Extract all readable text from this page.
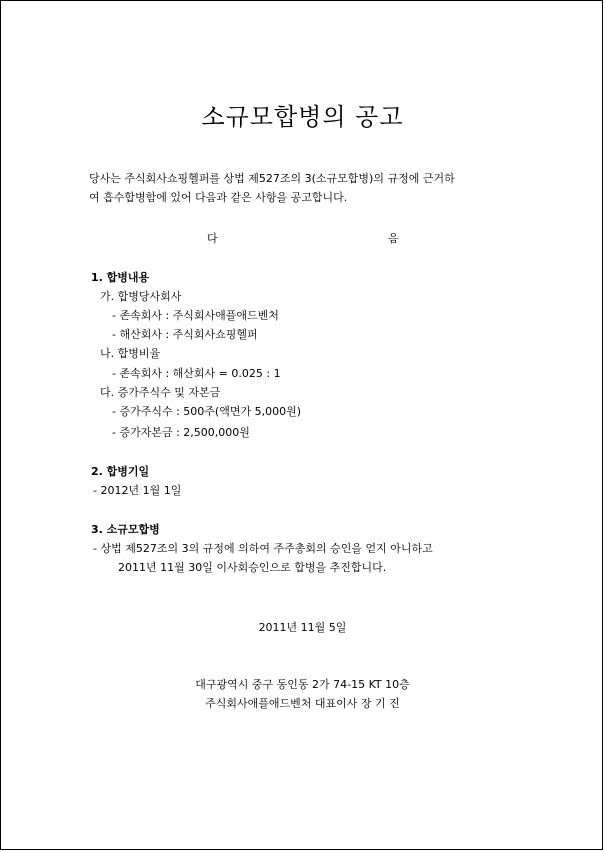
소규모합병의 공고
당사는 주식회사쇼핑헬퍼를 상법 제527조의 3(소규모합병)의 규정에 근거하
여 흡수합병함에 있어 다음과 같은 사항을 공고합니다.
다	음
1. 합병내용
가. 합병당사회사
- 존속회사 : 주식회사애플애드벤처
- 해산회사 : 주식회사쇼핑헬퍼
나. 합병비율
- 존속회사 : 해산회사 = 0.025 : 1
다. 증가주식수 및 자본금
- 증가주식수 : 500주(액면가 5,000원)
- 증가자본금 : 2,500,000원
2. 합병기일
- 2012년 1월 1일
3. 소규모합병
- 상법 제527조의 3의 규정에 의하여 주주총회의 승인을 얻지 아니하고
2011년 11월 30일 이사회승인으로 합병을 추진합니다.
2011년 11월 5일
대구광역시 중구 동인동 2가 74-15 KT 10층
주식회사애플애드벤처 대표이사 장 기 진
